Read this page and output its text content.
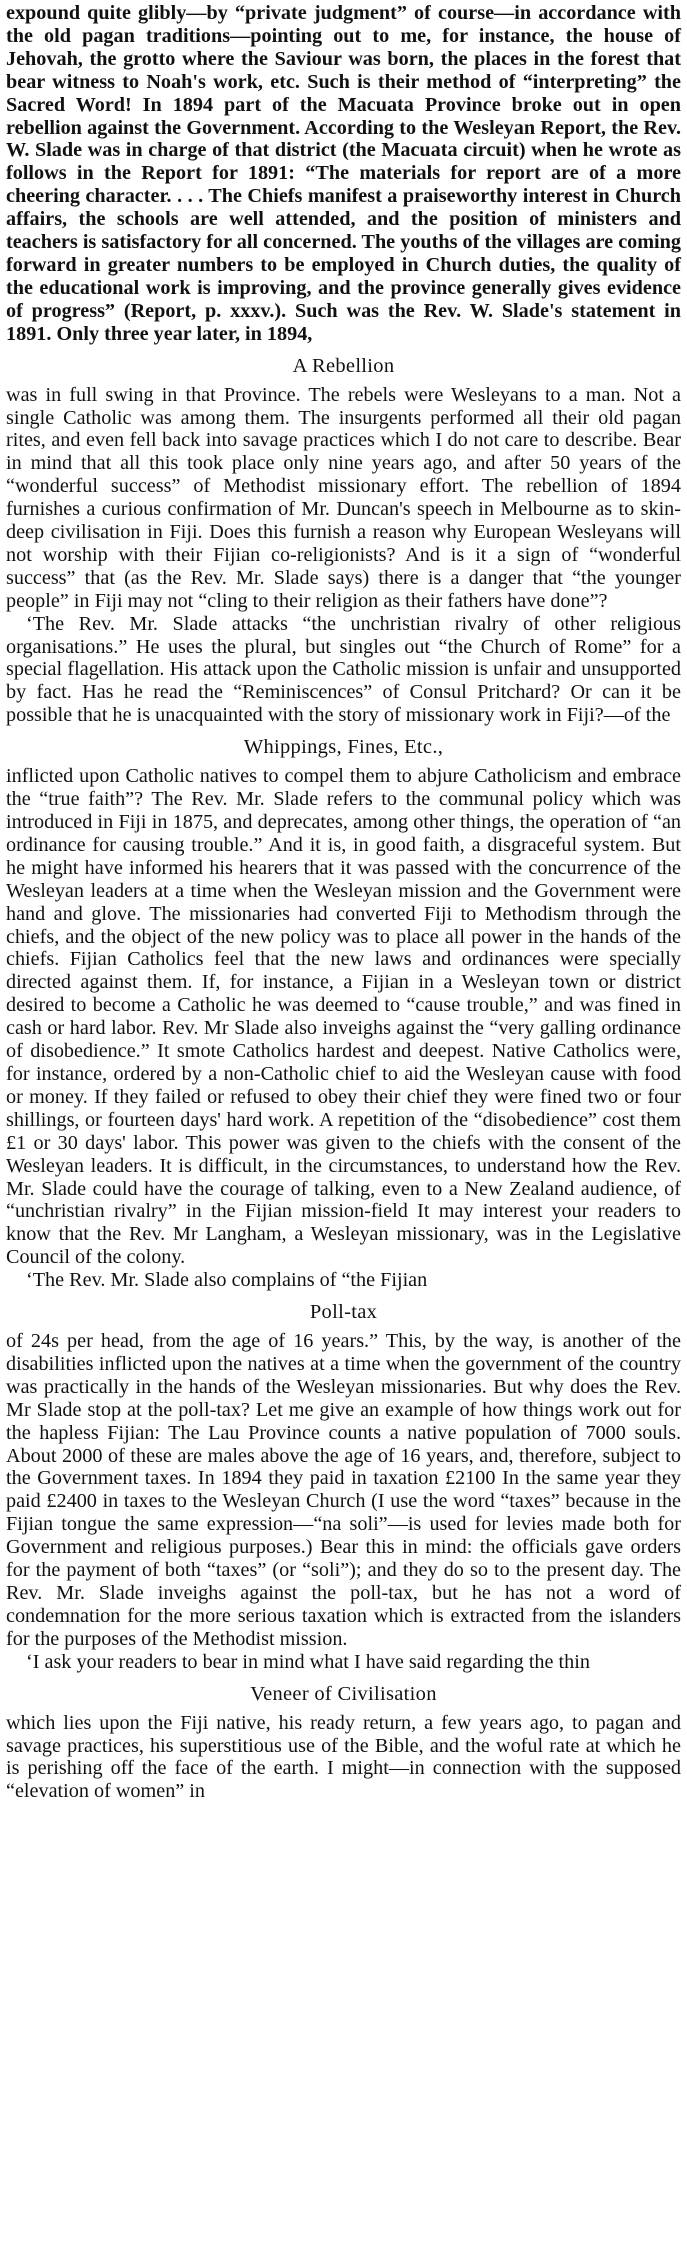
expound quite glibly—by “private judgment” of course—in accordance with the old pagan traditions—pointing out to me, for instance, the house of Jehovah, the grotto where the Saviour was born, the places in the forest that bear witness to Noah's work, etc. Such is their method of “interpreting” the Sacred Word! In 1894 part of the Macuata Province broke out in open rebellion against the Government. According to the Wesleyan Report, the Rev. W. Slade was in charge of that district (the Macuata circuit) when he wrote as follows in the Report for 1891: “The materials for report are of a more cheering character. . . . The Chiefs manifest a praiseworthy interest in Church affairs, the schools are well attended, and the position of ministers and teachers is satisfactory for all concerned. The youths of the villages are coming forward in greater numbers to be employed in Church duties, the quality of the educational work is improving, and the province generally gives evidence of progress” (Report, p. xxxv.). Such was the Rev. W. Slade's statement in 1891. Only three year later, in 1894,

A Rebellion

was in full swing in that Province. The rebels were Wesleyans to a man. Not a single Catholic was among them. The insurgents performed all their old pagan rites, and even fell back into savage practices which I do not care to describe. Bear in mind that all this took place only nine years ago, and after 50 years of the “wonderful success” of Methodist missionary effort. The rebellion of 1894 furnishes a curious confirmation of Mr. Duncan's speech in Melbourne as to skin-deep civilisation in Fiji. Does this furnish a reason why European Wesleyans will not worship with their Fijian co-religionists? And is it a sign of “wonderful success” that (as the Rev. Mr. Slade says) there is a danger that “the younger people” in Fiji may not “cling to their religion as their fathers have done”?

‘The Rev. Mr. Slade attacks “the unchristian rivalry of other religious organisations.” He uses the plural, but singles out “the Church of Rome” for a special flagellation. His attack upon the Catholic mission is unfair and unsupported by fact. Has he read the “Reminiscences” of Consul Pritchard? Or can it be possible that he is unacquainted with the story of missionary work in Fiji?—of the

Whippings, Fines, Etc.,

inflicted upon Catholic natives to compel them to abjure Catholicism and embrace the “true faith”? The Rev. Mr. Slade refers to the communal policy which was introduced in Fiji in 1875, and deprecates, among other things, the operation of “an ordinance for causing trouble.” And it is, in good faith, a disgraceful system. But he might have informed his hearers that it was passed with the concurrence of the Wesleyan leaders at a time when the Wesleyan mission and the Government were hand and glove. The missionaries had converted Fiji to Methodism through the chiefs, and the object of the new policy was to place all power in the hands of the chiefs. Fijian Catholics feel that the new laws and ordinances were specially directed against them. If, for instance, a Fijian in a Wesleyan town or district desired to become a Catholic he was deemed to “cause trouble,” and was fined in cash or hard labor. Rev. Mr Slade also inveighs against the “very galling ordinance of disobedience.” It smote Catholics hardest and deepest. Native Catholics were, for instance, ordered by a non-Catholic chief to aid the Wesleyan cause with food or money. If they failed or refused to obey their chief they were fined two or four shillings, or fourteen days' hard work. A repetition of the “disobedience” cost them £1 or 30 days' labor. This power was given to the chiefs with the consent of the Wesleyan leaders. It is difficult, in the circumstances, to understand how the Rev. Mr. Slade could have the courage of talking, even to a New Zealand audience, of “unchristian rivalry” in the Fijian mission-field It may interest your readers to know that the Rev. Mr Langham, a Wesleyan missionary, was in the Legislative Council of the colony.

‘The Rev. Mr. Slade also complains of “the Fijian

Poll-tax

of 24s per head, from the age of 16 years.” This, by the way, is another of the disabilities inflicted upon the natives at a time when the government of the country was practically in the hands of the Wesleyan missionaries. But why does the Rev. Mr Slade stop at the poll-tax? Let me give an example of how things work out for the hapless Fijian: The Lau Province counts a native population of 7000 souls. About 2000 of these are males above the age of 16 years, and, therefore, subject to the Government taxes. In 1894 they paid in taxation £2100 In the same year they paid £2400 in taxes to the Wesleyan Church (I use the word “taxes” because in the Fijian tongue the same expression—“na soli”—is used for levies made both for Government and religious purposes.) Bear this in mind: the officials gave orders for the payment of both “taxes” (or “soli”); and they do so to the present day. The Rev. Mr. Slade inveighs against the poll-tax, but he has not a word of condemnation for the more serious taxation which is extracted from the islanders for the purposes of the Methodist mission.

‘I ask your readers to bear in mind what I have said regarding the thin

Veneer of Civilisation

which lies upon the Fiji native, his ready return, a few years ago, to pagan and savage practices, his superstitious use of the Bible, and the woful rate at which he is perishing off the face of the earth. I might—in connection with the supposed “elevation of women” in
